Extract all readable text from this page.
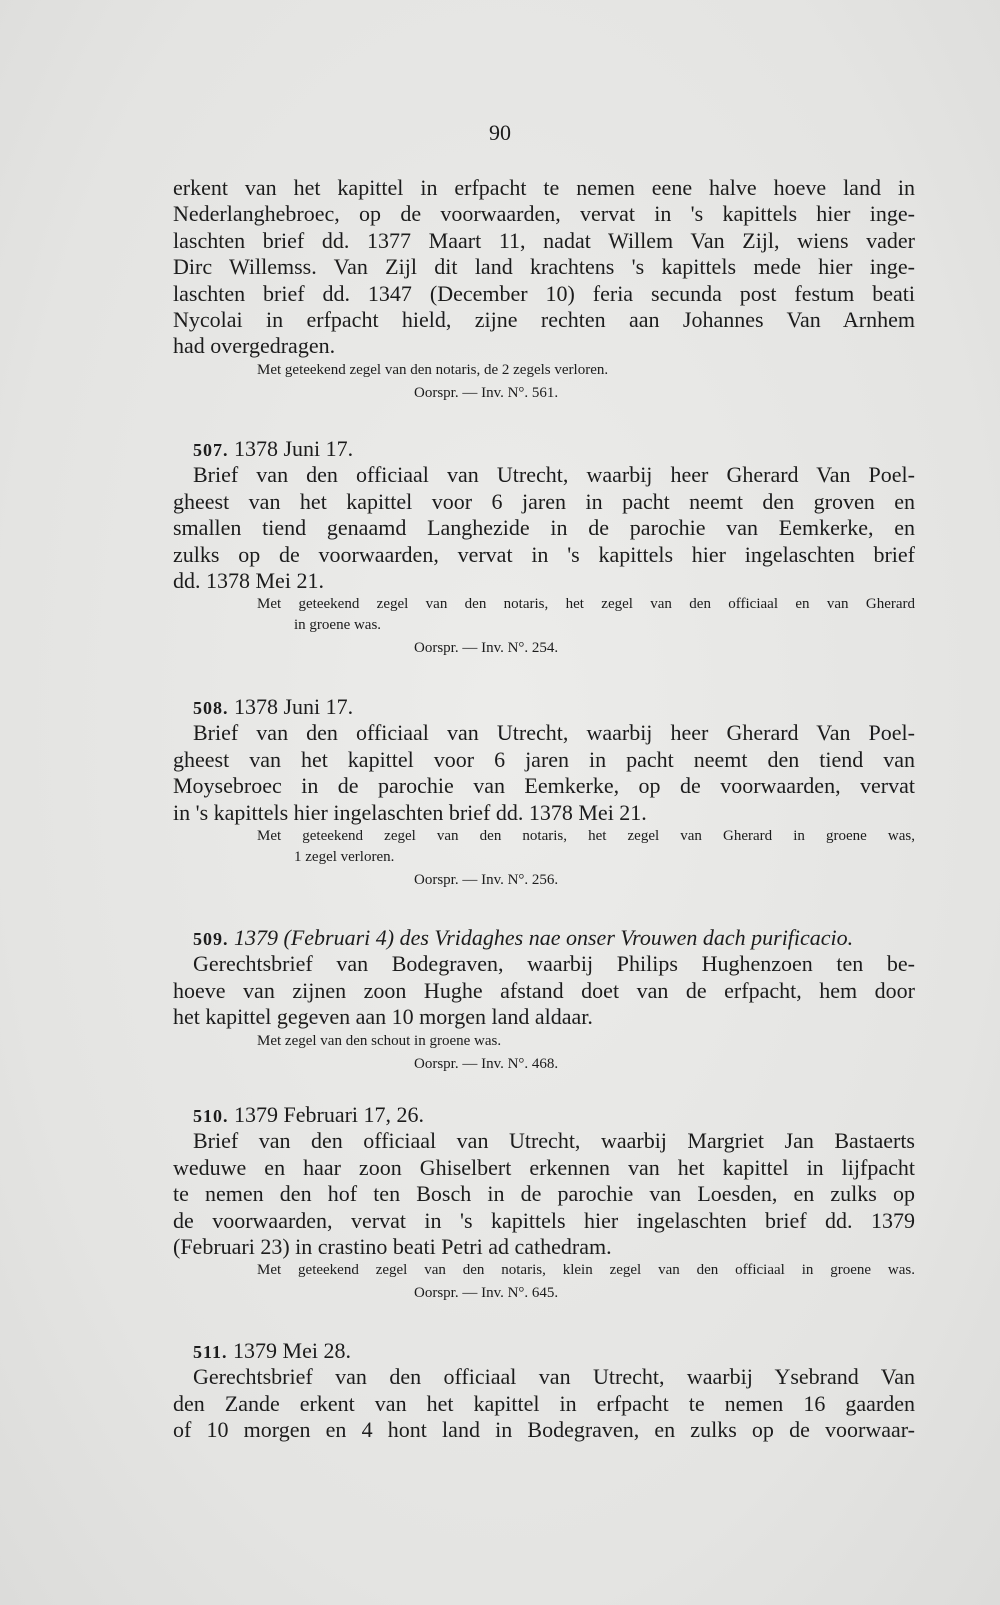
90
erkent van het kapittel in erfpacht te nemen eene halve hoeve land in
Nederlanghebroec, op de voorwaarden, vervat in 's kapittels hier inge-
laschten brief dd. 1377 Maart 11, nadat Willem Van Zijl, wiens vader
Dirc Willemss. Van Zijl dit land krachtens 's kapittels mede hier inge-
laschten brief dd. 1347 (December 10) feria secunda post festum beati
Nycolai in erfpacht hield, zijne rechten aan Johannes Van Arnhem
had overgedragen.
Met geteekend zegel van den notaris, de 2 zegels verloren.
Oorspr. — Inv. N°. 561.
507. 1378 Juni 17.
Brief van den officiaal van Utrecht, waarbij heer Gherard Van Poel-
gheest van het kapittel voor 6 jaren in pacht neemt den groven en
smallen tiend genaamd Langhezide in de parochie van Eemkerke, en
zulks op de voorwaarden, vervat in 's kapittels hier ingelaschten brief
dd. 1378 Mei 21.
Met geteekend zegel van den notaris, het zegel van den officiaal en van Gherard
in groene was.
Oorspr. — Inv. N°. 254.
508. 1378 Juni 17.
Brief van den officiaal van Utrecht, waarbij heer Gherard Van Poel-
gheest van het kapittel voor 6 jaren in pacht neemt den tiend van
Moysebroec in de parochie van Eemkerke, op de voorwaarden, vervat
in 's kapittels hier ingelaschten brief dd. 1378 Mei 21.
Met geteekend zegel van den notaris, het zegel van Gherard in groene was,
1 zegel verloren.
Oorspr. — Inv. N°. 256.
509. 1379 (Februari 4) des Vridaghes nae onser Vrouwen dach purificacio.
Gerechtsbrief van Bodegraven, waarbij Philips Hughenzoen ten be-
hoeve van zijnen zoon Hughe afstand doet van de erfpacht, hem door
het kapittel gegeven aan 10 morgen land aldaar.
Met zegel van den schout in groene was.
Oorspr. — Inv. N°. 468.
510. 1379 Februari 17, 26.
Brief van den officiaal van Utrecht, waarbij Margriet Jan Bastaerts
weduwe en haar zoon Ghiselbert erkennen van het kapittel in lijfpacht
te nemen den hof ten Bosch in de parochie van Loesden, en zulks op
de voorwaarden, vervat in 's kapittels hier ingelaschten brief dd. 1379
(Februari 23) in crastino beati Petri ad cathedram.
Met geteekend zegel van den notaris, klein zegel van den officiaal in groene was.
Oorspr. — Inv. N°. 645.
511. 1379 Mei 28.
Gerechtsbrief van den officiaal van Utrecht, waarbij Ysebrand Van
den Zande erkent van het kapittel in erfpacht te nemen 16 gaarden
of 10 morgen en 4 hont land in Bodegraven, en zulks op de voorwaar-
